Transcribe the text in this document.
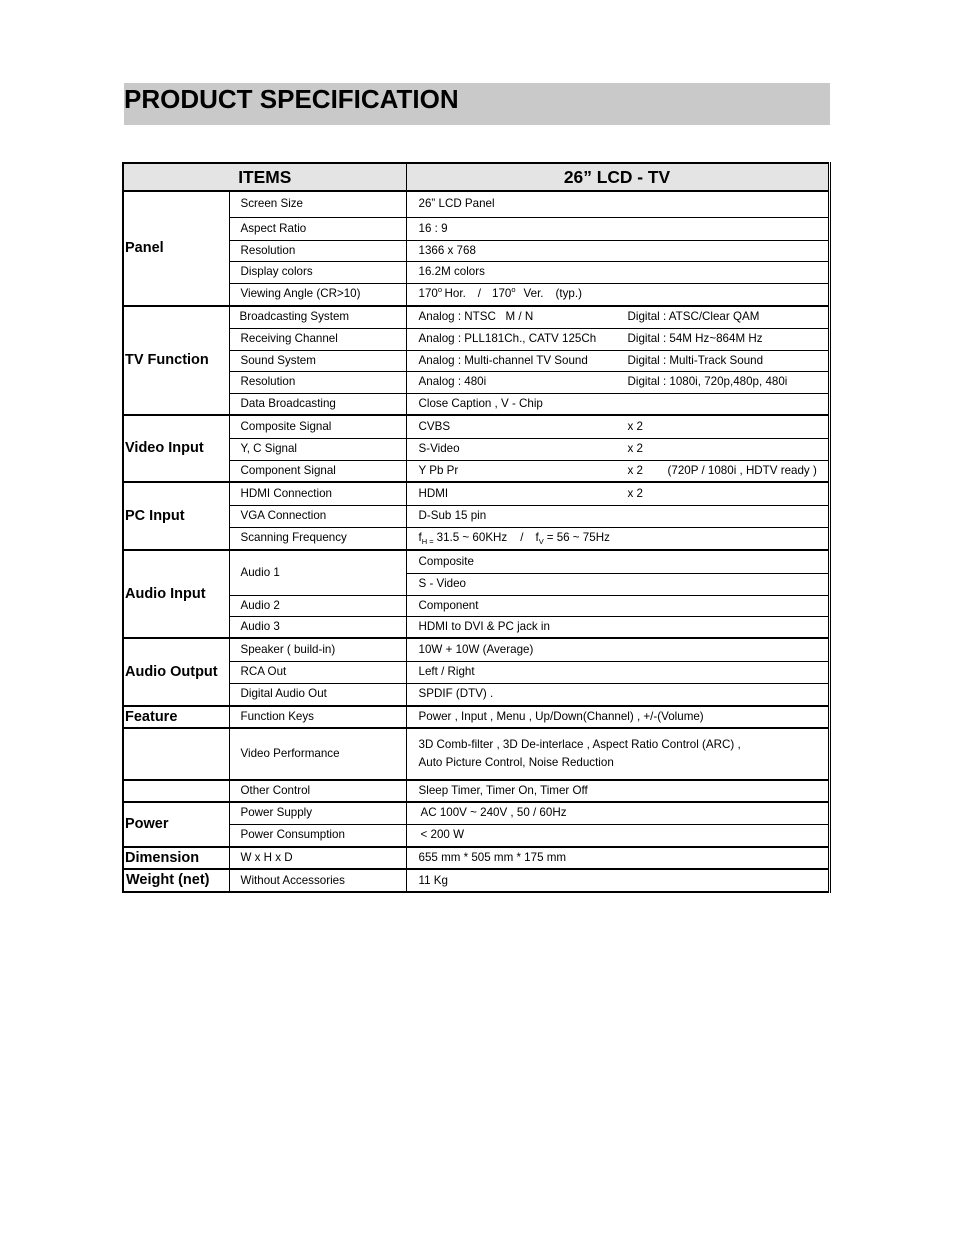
PRODUCT SPECIFICATION
ITEMS		26” LCD - TV
Panel	Screen Size	26” LCD Panel
	Aspect Ratio	16 : 9
	Resolution	1366 x 768
	Display colors	16.2M colors
	Viewing Angle (CR>10)	170$^o$ Hor. / 170$^o$ Ver. (typ.)
TV Function	Broadcasting System	Analog : NTSC   M / N Digital : ATSC/Clear QAM
	Receiving Channel	Analog : PLL181Ch., CATV 125Ch Digital : 54M Hz~864M Hz
	Sound System	Analog : Multi-channel TV Sound Digital : Multi-Track Sound
	Resolution	Analog : 480i Digital : 1080i, 720p,480p, 480i
	Data Broadcasting	Close Caption , V - Chip
Video Input	Composite Signal	CVBS x 2
	Y, C Signal	S-Video x 2
	Component Signal	Y Pb Pr x 2 (720P / 1080i , HDTV ready )
PC Input	HDMI Connection	HDMI x 2
	VGA Connection	D-Sub 15 pin
	Scanning Frequency	$f_{H =}$ 31.5 ~ $60KHz / f_V = 56$ ~ 75Hz
Audio Input	Audio 1	Composite
		S - Video
	Audio 2	Component
	Audio 3	HDMI to DVI & PC jack in
Audio Output	Speaker ( build-in)	10W + 10W (Average)
	RCA Out	Left / Right
	Digital Audio Out	SPDIF (DTV) .
Feature	Function Keys	Power , Input , Menu , Up/Down(Channel) , +/-(Volume)
	Video Performance	3D Comb-filter , 3D De-interlace , Aspect Ratio Control (ARC) ,
Auto Picture Control, Noise Reduction

	Other Control	Sleep Timer, Timer On, Timer Off
Power	Power Supply	AC 100V ~ 240V , 50 / 60Hz
	Power Consumption	< 200 W
Dimension	W x H x D	655 mm * 505 mm * 175 mm
Weight (net)	Without Accessories	11 Kg
